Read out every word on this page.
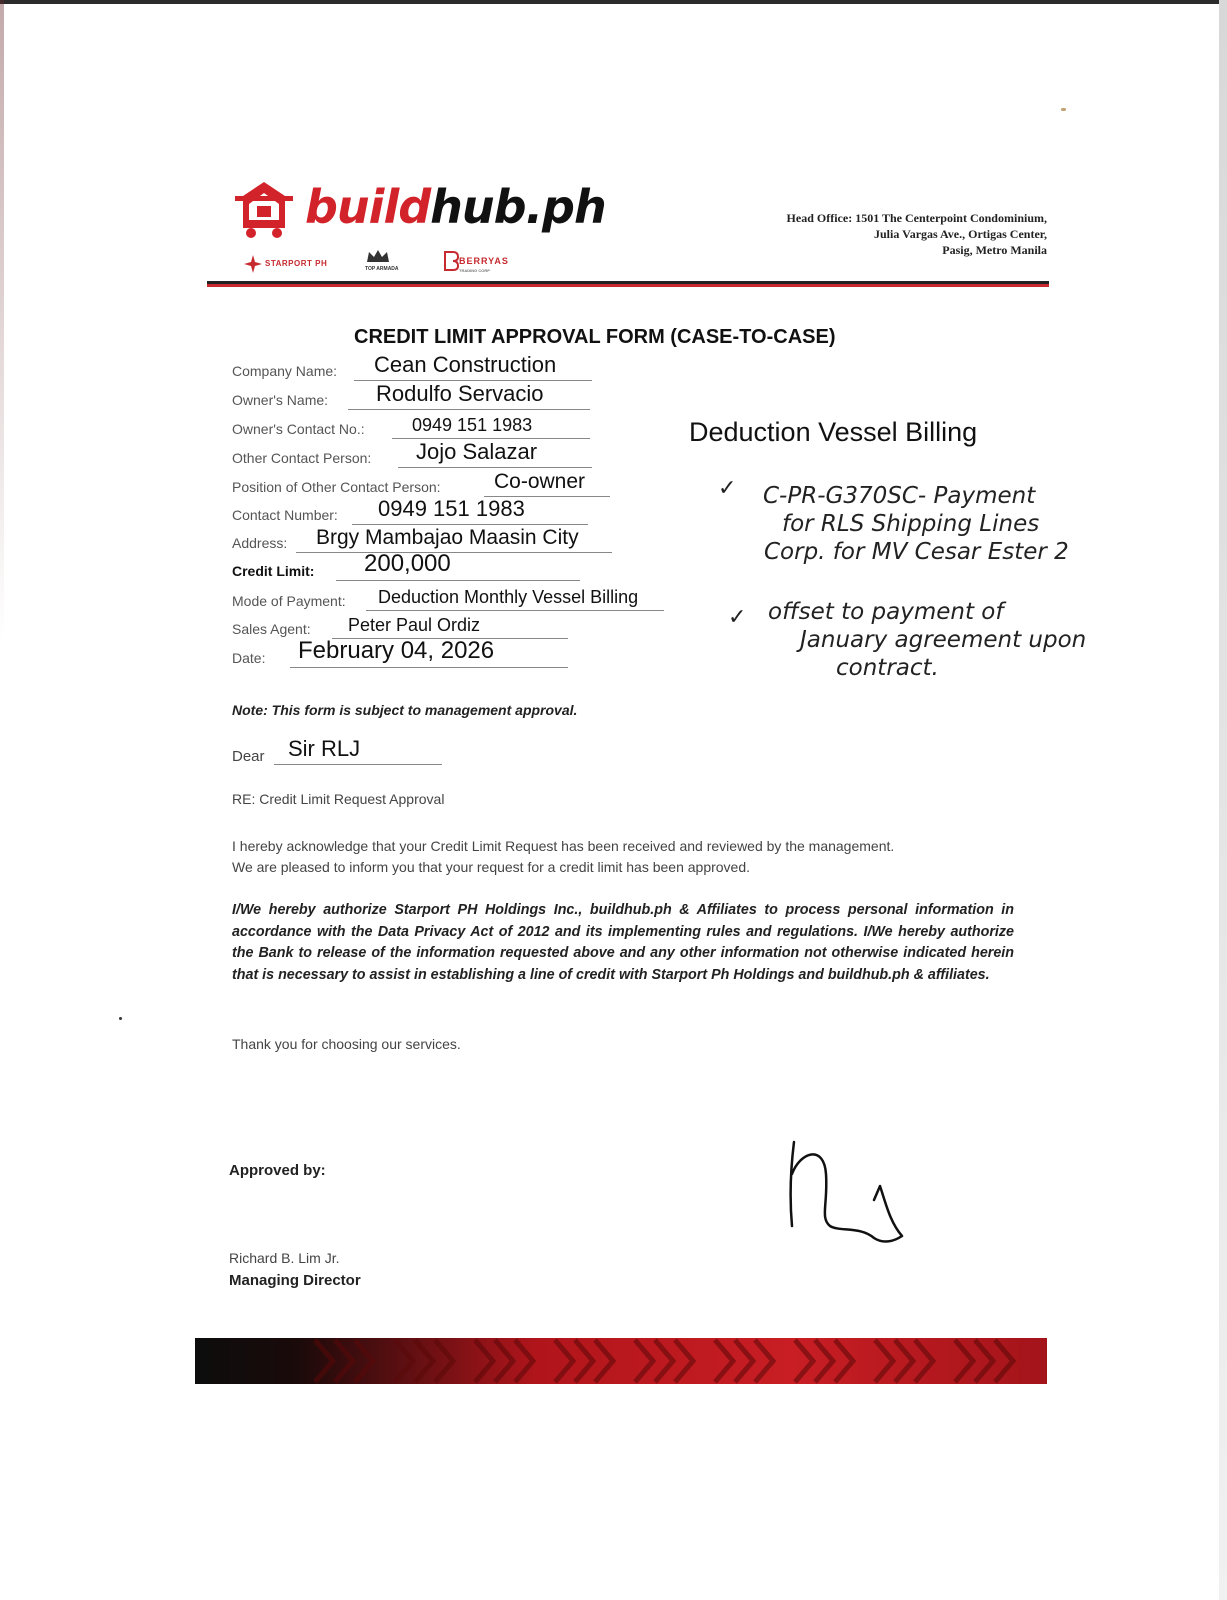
buildhub.ph
STARPORT PH
TOP ARMADA
BERRYAS
TRADING CORP
Head Office: 1501 The Centerpoint Condominium,
Julia Vargas Ave., Ortigas Center,
Pasig, Metro Manila
CREDIT LIMIT APPROVAL FORM (CASE-TO-CASE)
Company Name: Cean Construction
Owner's Name: Rodulfo Servacio
Owner's Contact No.:	0949 151 1983
Other Contact Person: Jojo Salazar
Position of Other Contact Person:	Co-owner
Contact Number: 0949 151 1983
Address: Brgy Mambajao Maasin City
Credit Limit: 200,000
Mode of Payment: Deduction Monthly Vessel Billing
Sales Agent: Peter Paul Ordiz
Date: February 04, 2026
Deduction Vessel Billing
✓ C-PR-G370SC- Payment
for RLS Shipping Lines
Corp. for MV Cesar Ester 2
✓ offset to payment of
January agreement upon
contract.
Note: This form is subject to management approval.
Dear Sir RLJ
RE: Credit Limit Request Approval
I hereby acknowledge that your Credit Limit Request has been received and reviewed by the management.
We are pleased to inform you that your request for a credit limit has been approved.
I/We hereby authorize Starport PH Holdings Inc., buildhub.ph & Affiliates to process personal information in accordance with the Data Privacy Act of 2012 and its implementing rules and regulations. I/We hereby authorize the Bank to release of the information requested above and any other information not otherwise indicated herein that is necessary to assist in establishing a line of credit with Starport Ph Holdings and buildhub.ph & affiliates.
Thank you for choosing our services.
Approved by:
Richard B. Lim Jr.
Managing Director
